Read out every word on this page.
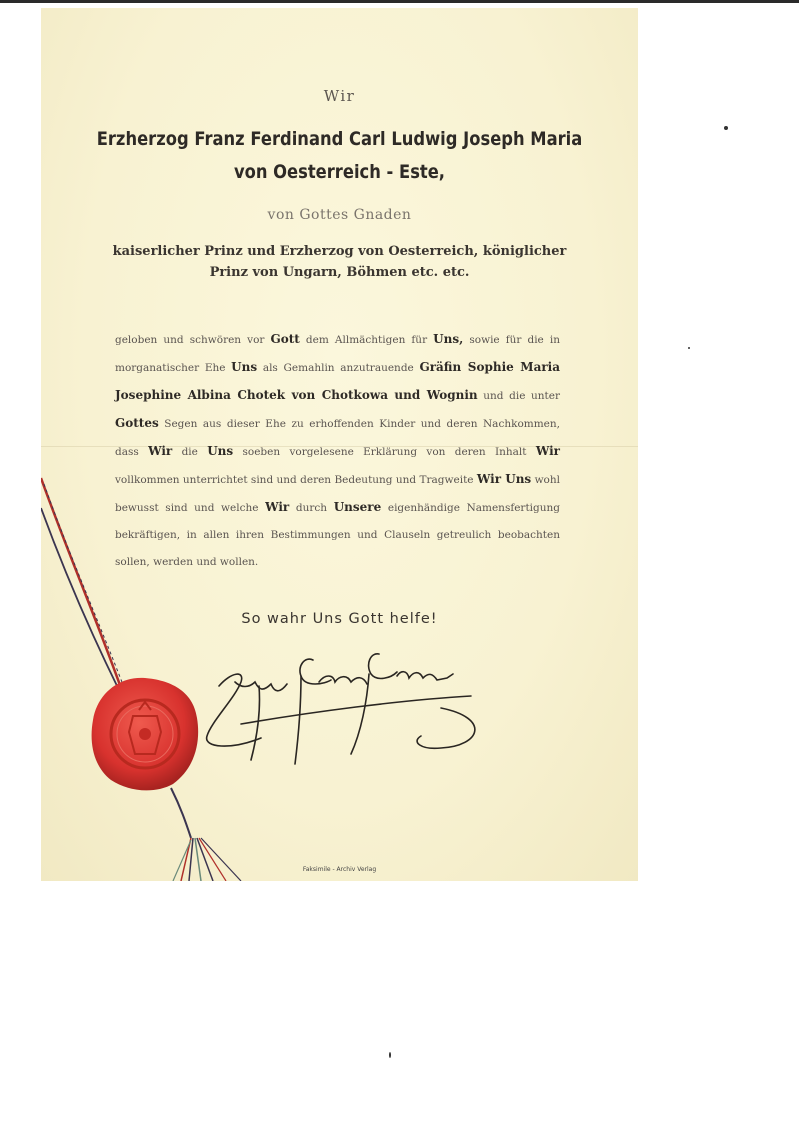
Wir
Erzherzog Franz Ferdinand Carl Ludwig Joseph Maria
von Oesterreich - Este,
von Gottes Gnaden
kaiserlicher Prinz und Erzherzog von Oesterreich, königlicher
Prinz von Ungarn, Böhmen etc. etc.
geloben und schwören vor Gott dem Allmächtigen für Uns, sowie für die in morganatischer Ehe Uns als Gemahlin anzutrauende Gräfin Sophie Maria Josephine Albina Chotek von Chotkowa und Wognin und die unter Gottes Segen aus dieser Ehe zu erhoffenden Kinder und deren Nachkommen, dass Wir die Uns soeben vorgelesene Erklärung von deren Inhalt Wir vollkommen unterrichtet sind und deren Bedeutung und Tragweite Wir Uns wohl bewusst sind und welche Wir durch Unsere eigenhändige Namensfertigung bekräftigen, in allen ihren Bestimmungen und Clauseln getreulich beobachten sollen, werden und wollen.
So wahr Uns Gott helfe!
Faksimile - Archiv Verlag
